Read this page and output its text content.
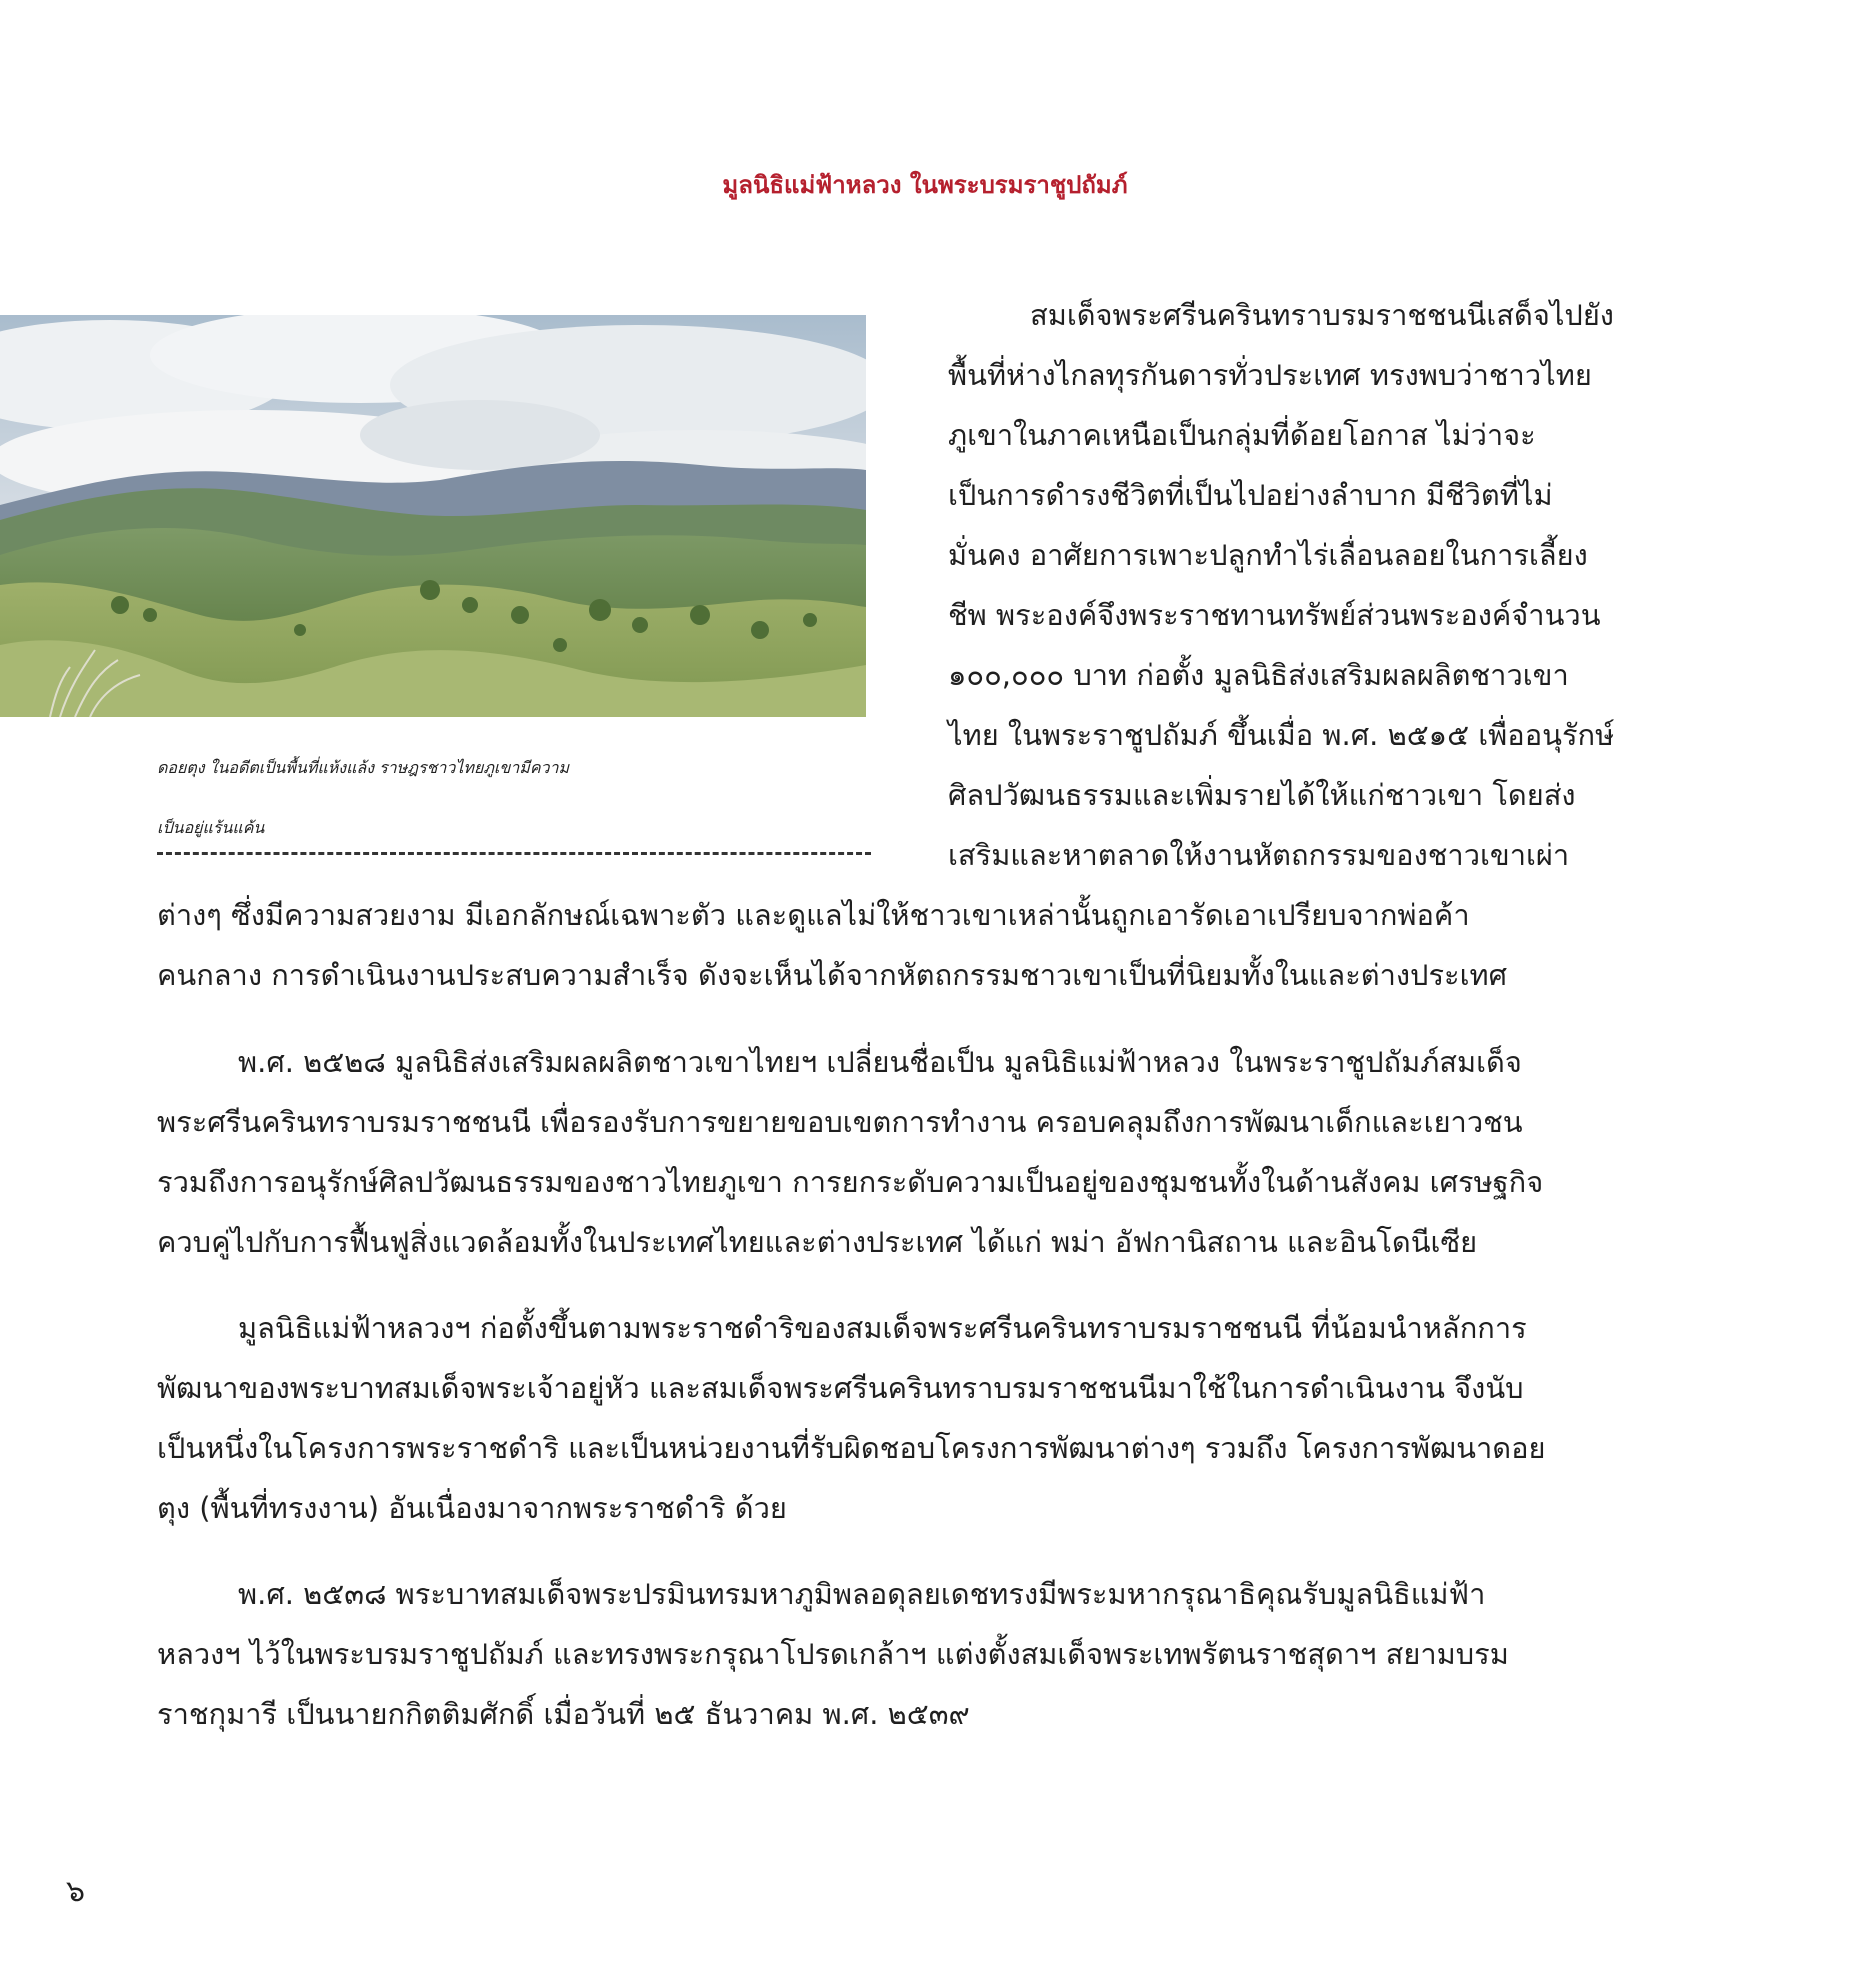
มูลนิธิแม่ฟ้าหลวง ในพระบรมราชูปถัมภ์
ดอยตุง ในอดีตเป็นพื้นที่แห้งแล้ง ราษฎรชาวไทยภูเขามีความ
เป็นอยู่แร้นแค้น
สมเด็จพระศรีนครินทราบรมราชชนนีเสด็จไปยัง
พื้นที่ห่างไกลทุรกันดารทั่วประเทศ ทรงพบว่าชาวไทย
ภูเขาในภาคเหนือเป็นกลุ่มที่ด้อยโอกาส ไม่ว่าจะ
เป็นการดำรงชีวิตที่เป็นไปอย่างลำบาก มีชีวิตที่ไม่
มั่นคง อาศัยการเพาะปลูกทำไร่เลื่อนลอยในการเลี้ยง
ชีพ พระองค์จึงพระราชทานทรัพย์ส่วนพระองค์จำนวน
๑๐๐,๐๐๐ บาท ก่อตั้ง มูลนิธิส่งเสริมผลผลิตชาวเขา
ไทย ในพระราชูปถัมภ์ ขึ้นเมื่อ พ.ศ. ๒๕๑๕ เพื่ออนุรักษ์
ศิลปวัฒนธรรมและเพิ่มรายได้ให้แก่ชาวเขา โดยส่ง
เสริมและหาตลาดให้งานหัตถกรรมของชาวเขาเผ่า
ต่างๆ ซึ่งมีความสวยงาม มีเอกลักษณ์เฉพาะตัว และดูแลไม่ให้ชาวเขาเหล่านั้นถูกเอารัดเอาเปรียบจากพ่อค้า
คนกลาง การดำเนินงานประสบความสำเร็จ ดังจะเห็นได้จากหัตถกรรมชาวเขาเป็นที่นิยมทั้งในและต่างประเทศ
พ.ศ. ๒๕๒๘ มูลนิธิส่งเสริมผลผลิตชาวเขาไทยฯ เปลี่ยนชื่อเป็น มูลนิธิแม่ฟ้าหลวง ในพระราชูปถัมภ์สมเด็จ
พระศรีนครินทราบรมราชชนนี เพื่อรองรับการขยายขอบเขตการทำงาน ครอบคลุมถึงการพัฒนาเด็กและเยาวชน
รวมถึงการอนุรักษ์ศิลปวัฒนธรรมของชาวไทยภูเขา การยกระดับความเป็นอยู่ของชุมชนทั้งในด้านสังคม เศรษฐกิจ
ควบคู่ไปกับการฟื้นฟูสิ่งแวดล้อมทั้งในประเทศไทยและต่างประเทศ ได้แก่ พม่า อัฟกานิสถาน และอินโดนีเซีย
มูลนิธิแม่ฟ้าหลวงฯ ก่อตั้งขึ้นตามพระราชดำริของสมเด็จพระศรีนครินทราบรมราชชนนี ที่น้อมนำหลักการ
พัฒนาของพระบาทสมเด็จพระเจ้าอยู่หัว และสมเด็จพระศรีนครินทราบรมราชชนนีมาใช้ในการดำเนินงาน จึงนับ
เป็นหนึ่งในโครงการพระราชดำริ และเป็นหน่วยงานที่รับผิดชอบโครงการพัฒนาต่างๆ รวมถึง โครงการพัฒนาดอย
ตุง (พื้นที่ทรงงาน) อันเนื่องมาจากพระราชดำริ ด้วย
พ.ศ. ๒๕๓๘ พระบาทสมเด็จพระปรมินทรมหาภูมิพลอดุลยเดชทรงมีพระมหากรุณาธิคุณรับมูลนิธิแม่ฟ้า
หลวงฯ ไว้ในพระบรมราชูปถัมภ์ และทรงพระกรุณาโปรดเกล้าฯ แต่งตั้งสมเด็จพระเทพรัตนราชสุดาฯ สยามบรม
ราชกุมารี เป็นนายกกิตติมศักดิ์ เมื่อวันที่ ๒๕ ธันวาคม พ.ศ. ๒๕๓๙
๖
